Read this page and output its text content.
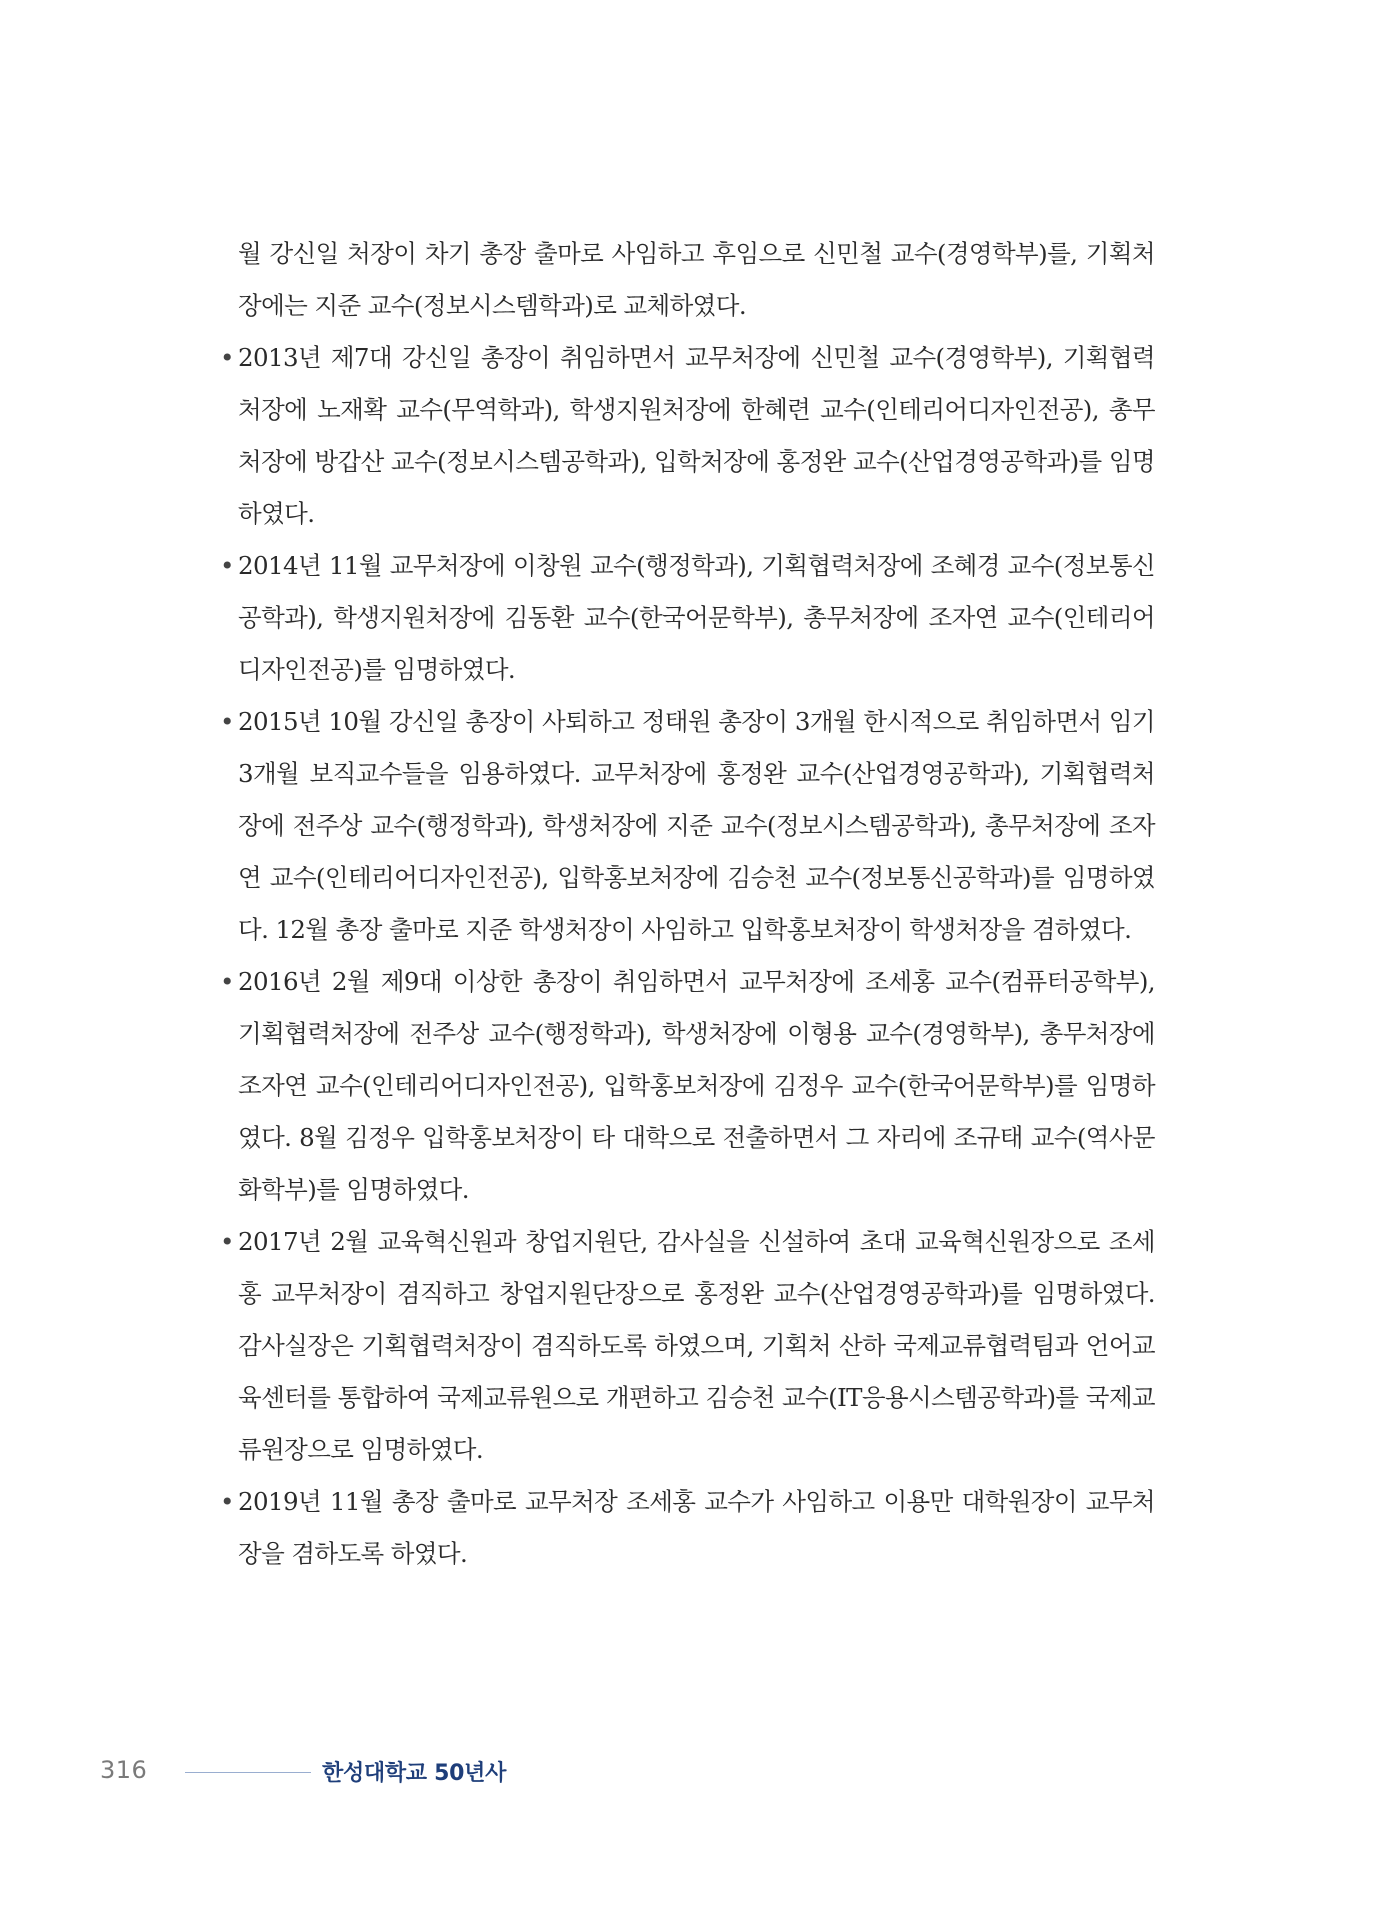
월 강신일 처장이 차기 총장 출마로 사임하고 후임으로 신민철 교수(경영학부)를, 기획처장에는 지준 교수(정보시스템학과)로 교체하였다.

• 2013년 제7대 강신일 총장이 취임하면서 교무처장에 신민철 교수(경영학부), 기획협력처장에 노재확 교수(무역학과), 학생지원처장에 한혜련 교수(인테리어디자인전공), 총무처장에 방갑산 교수(정보시스템공학과), 입학처장에 홍정완 교수(산업경영공학과)를 임명하였다.
• 2014년 11월 교무처장에 이창원 교수(행정학과), 기획협력처장에 조혜경 교수(정보통신공학과), 학생지원처장에 김동환 교수(한국어문학부), 총무처장에 조자연 교수(인테리어디자인전공)를 임명하였다.
• 2015년 10월 강신일 총장이 사퇴하고 정태원 총장이 3개월 한시적으로 취임하면서 임기 3개월 보직교수들을 임용하였다. 교무처장에 홍정완 교수(산업경영공학과), 기획협력처장에 전주상 교수(행정학과), 학생처장에 지준 교수(정보시스템공학과), 총무처장에 조자연 교수(인테리어디자인전공), 입학홍보처장에 김승천 교수(정보통신공학과)를 임명하였다. 12월 총장 출마로 지준 학생처장이 사임하고 입학홍보처장이 학생처장을 겸하였다.
• 2016년 2월 제9대 이상한 총장이 취임하면서 교무처장에 조세홍 교수(컴퓨터공학부), 기획협력처장에 전주상 교수(행정학과), 학생처장에 이형용 교수(경영학부), 총무처장에 조자연 교수(인테리어디자인전공), 입학홍보처장에 김정우 교수(한국어문학부)를 임명하였다. 8월 김정우 입학홍보처장이 타 대학으로 전출하면서 그 자리에 조규태 교수(역사문화학부)를 임명하였다.
• 2017년 2월 교육혁신원과 창업지원단, 감사실을 신설하여 초대 교육혁신원장으로 조세홍 교무처장이 겸직하고 창업지원단장으로 홍정완 교수(산업경영공학과)를 임명하였다. 감사실장은 기획협력처장이 겸직하도록 하였으며, 기획처 산하 국제교류협력팀과 언어교육센터를 통합하여 국제교류원으로 개편하고 김승천 교수(IT응용시스템공학과)를 국제교류원장으로 임명하였다.
• 2019년 11월 총장 출마로 교무처장 조세홍 교수가 사임하고 이용만 대학원장이 교무처장을 겸하도록 하였다.
316	한성대학교 50년사
